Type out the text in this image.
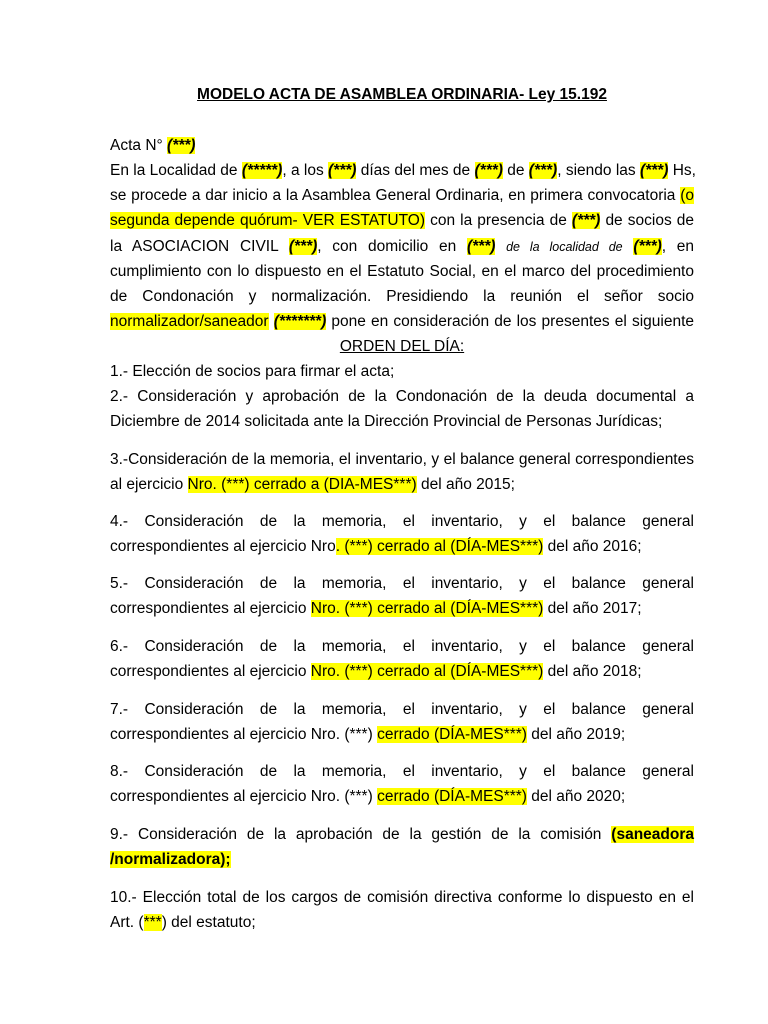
MODELO ACTA DE ASAMBLEA ORDINARIA- Ley 15.192
Acta N° (***)
En la Localidad de (*****), a los (***) días del mes de (***) de (***), siendo las (***) Hs,
se procede a dar inicio a la Asamblea General Ordinaria, en primera convocatoria (o
segunda depende quórum- VER ESTATUTO) con la presencia de (***) de socios de
la ASOCIACION CIVIL (***), con domicilio en (***) de la localidad de (***), en
cumplimiento con lo dispuesto en el Estatuto Social, en el marco del procedimiento
de Condonación y normalización. Presidiendo la reunión el señor socio
normalizador/saneador (*******) pone en consideración de los presentes el siguiente
ORDEN DEL DÍA:
1.- Elección de socios para firmar el acta;
2.- Consideración y aprobación de la Condonación de la deuda documental a
Diciembre de 2014 solicitada ante la Dirección Provincial de Personas Jurídicas;
3.-Consideración de la memoria, el inventario, y el balance general correspondientes
al ejercicio Nro. (***) cerrado a (DIA-MES***) del año 2015;
4.- Consideración de la memoria, el inventario, y el balance general
correspondientes al ejercicio Nro. (***) cerrado al (DÍA-MES***) del año 2016;
5.- Consideración de la memoria, el inventario, y el balance general
correspondientes al ejercicio Nro. (***) cerrado al (DÍA-MES***) del año 2017;
6.- Consideración de la memoria, el inventario, y el balance general
correspondientes al ejercicio Nro. (***) cerrado al (DÍA-MES***) del año 2018;
7.- Consideración de la memoria, el inventario, y el balance general
correspondientes al ejercicio Nro. (***) cerrado (DÍA-MES***) del año 2019;
8.- Consideración de la memoria, el inventario, y el balance general
correspondientes al ejercicio Nro. (***) cerrado (DÍA-MES***) del año 2020;
9.- Consideración de la aprobación de la gestión de la comisión (saneadora
/normalizadora);
10.- Elección total de los cargos de comisión directiva conforme lo dispuesto en el
Art. (***) del estatuto;
